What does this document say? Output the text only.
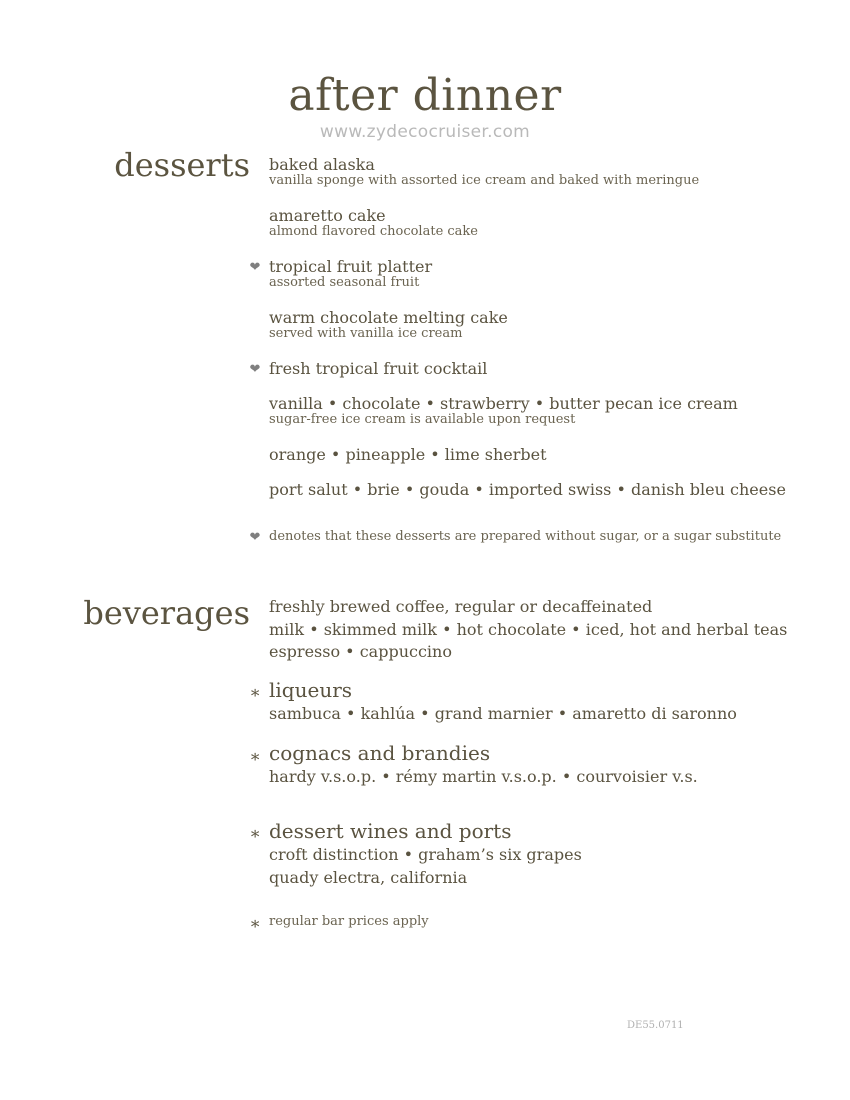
after dinner
www.zydecocruiser.com
desserts baked alaska
vanilla sponge with assorted ice cream and baked with meringue
amaretto cake
almond flavored chocolate cake
❤ tropical fruit platter
assorted seasonal fruit
warm chocolate melting cake
served with vanilla ice cream
❤ fresh tropical fruit cocktail
vanilla • chocolate • strawberry • butter pecan ice cream
sugar-free ice cream is available upon request
orange • pineapple • lime sherbet
port salut • brie • gouda • imported swiss • danish bleu cheese
❤ denotes that these desserts are prepared without sugar, or a sugar substitute
beverages freshly brewed coffee, regular or decaffeinated
milk • skimmed milk • hot chocolate • iced, hot and herbal teas
espresso • cappuccino
∗ liqueurs
sambuca • kahlúa • grand marnier • amaretto di saronno
∗ cognacs and brandies
hardy v.s.o.p. • rémy martin v.s.o.p. • courvoisier v.s.
∗ dessert wines and ports
croft distinction • graham’s six grapes
quady electra, california
∗ regular bar prices apply
DE55.0711
